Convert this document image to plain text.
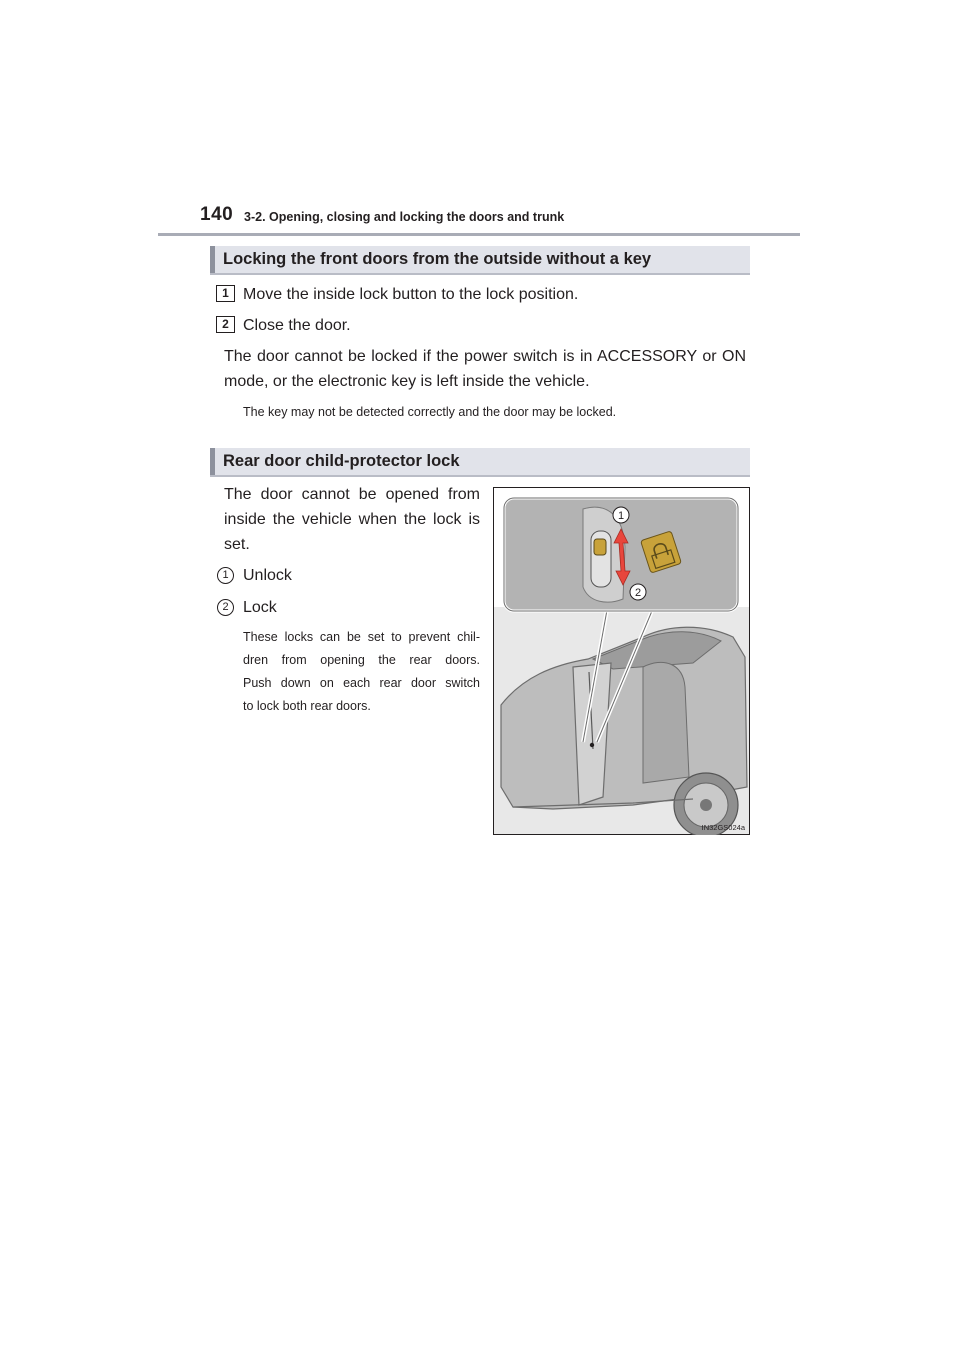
140 3-2. Opening, closing and locking the doors and trunk
Locking the front doors from the outside without a key
1 Move the inside lock button to the lock position.
2 Close the door.
The door cannot be locked if the power switch is in ACCESSORY or ON
mode, or the electronic key is left inside the vehicle.
The key may not be detected correctly and the door may be locked.
Rear door child-protector lock
The door cannot be opened from
inside the vehicle when the lock is
set.
1 Unlock
2 Lock
These locks can be set to prevent chil-
dren from opening the rear doors.
Push down on each rear door switch
to lock both rear doors.
1
2
IN32GS024a
